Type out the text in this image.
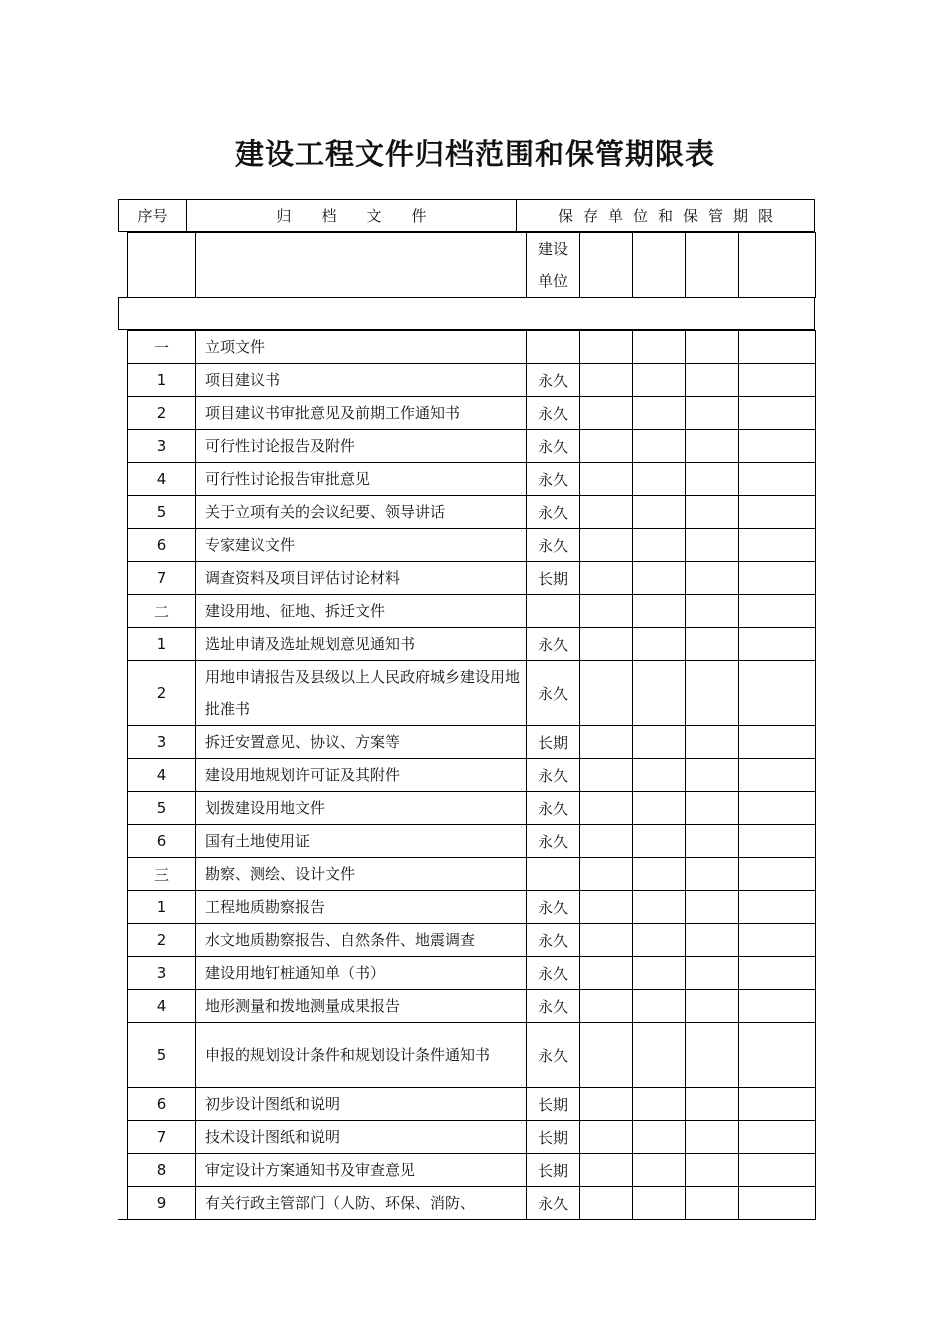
建设工程文件归档范围和保管期限表
序号	归档文件	保存单位和保管期限

		建设
单位				

一	立项文件					
1	项目建议书	永久				
2	项目建议书审批意见及前期工作通知书	永久				
3	可行性讨论报告及附件	永久				
4	可行性讨论报告审批意见	永久				
5	关于立项有关的会议纪要、领导讲话	永久				
6	专家建议文件	永久				
7	调查资料及项目评估讨论材料	长期				
二	建设用地、征地、拆迁文件					
1	选址申请及选址规划意见通知书	永久				
2	用地申请报告及县级以上人民政府城乡建设用地批准书	永久				
3	拆迁安置意见、协议、方案等	长期				
4	建设用地规划许可证及其附件	永久				
5	划拨建设用地文件	永久				
6	国有土地使用证	永久				
三	勘察、测绘、设计文件					
1	工程地质勘察报告	永久				
2	水文地质勘察报告、自然条件、地震调查	永久				
3	建设用地钉桩通知单（书）	永久				
4	地形测量和拨地测量成果报告	永久				
5	申报的规划设计条件和规划设计条件通知书	永久				
6	初步设计图纸和说明	长期				
7	技术设计图纸和说明	长期				
8	审定设计方案通知书及审查意见	长期				
9	有关行政主管部门（人防、环保、消防、	永久				
